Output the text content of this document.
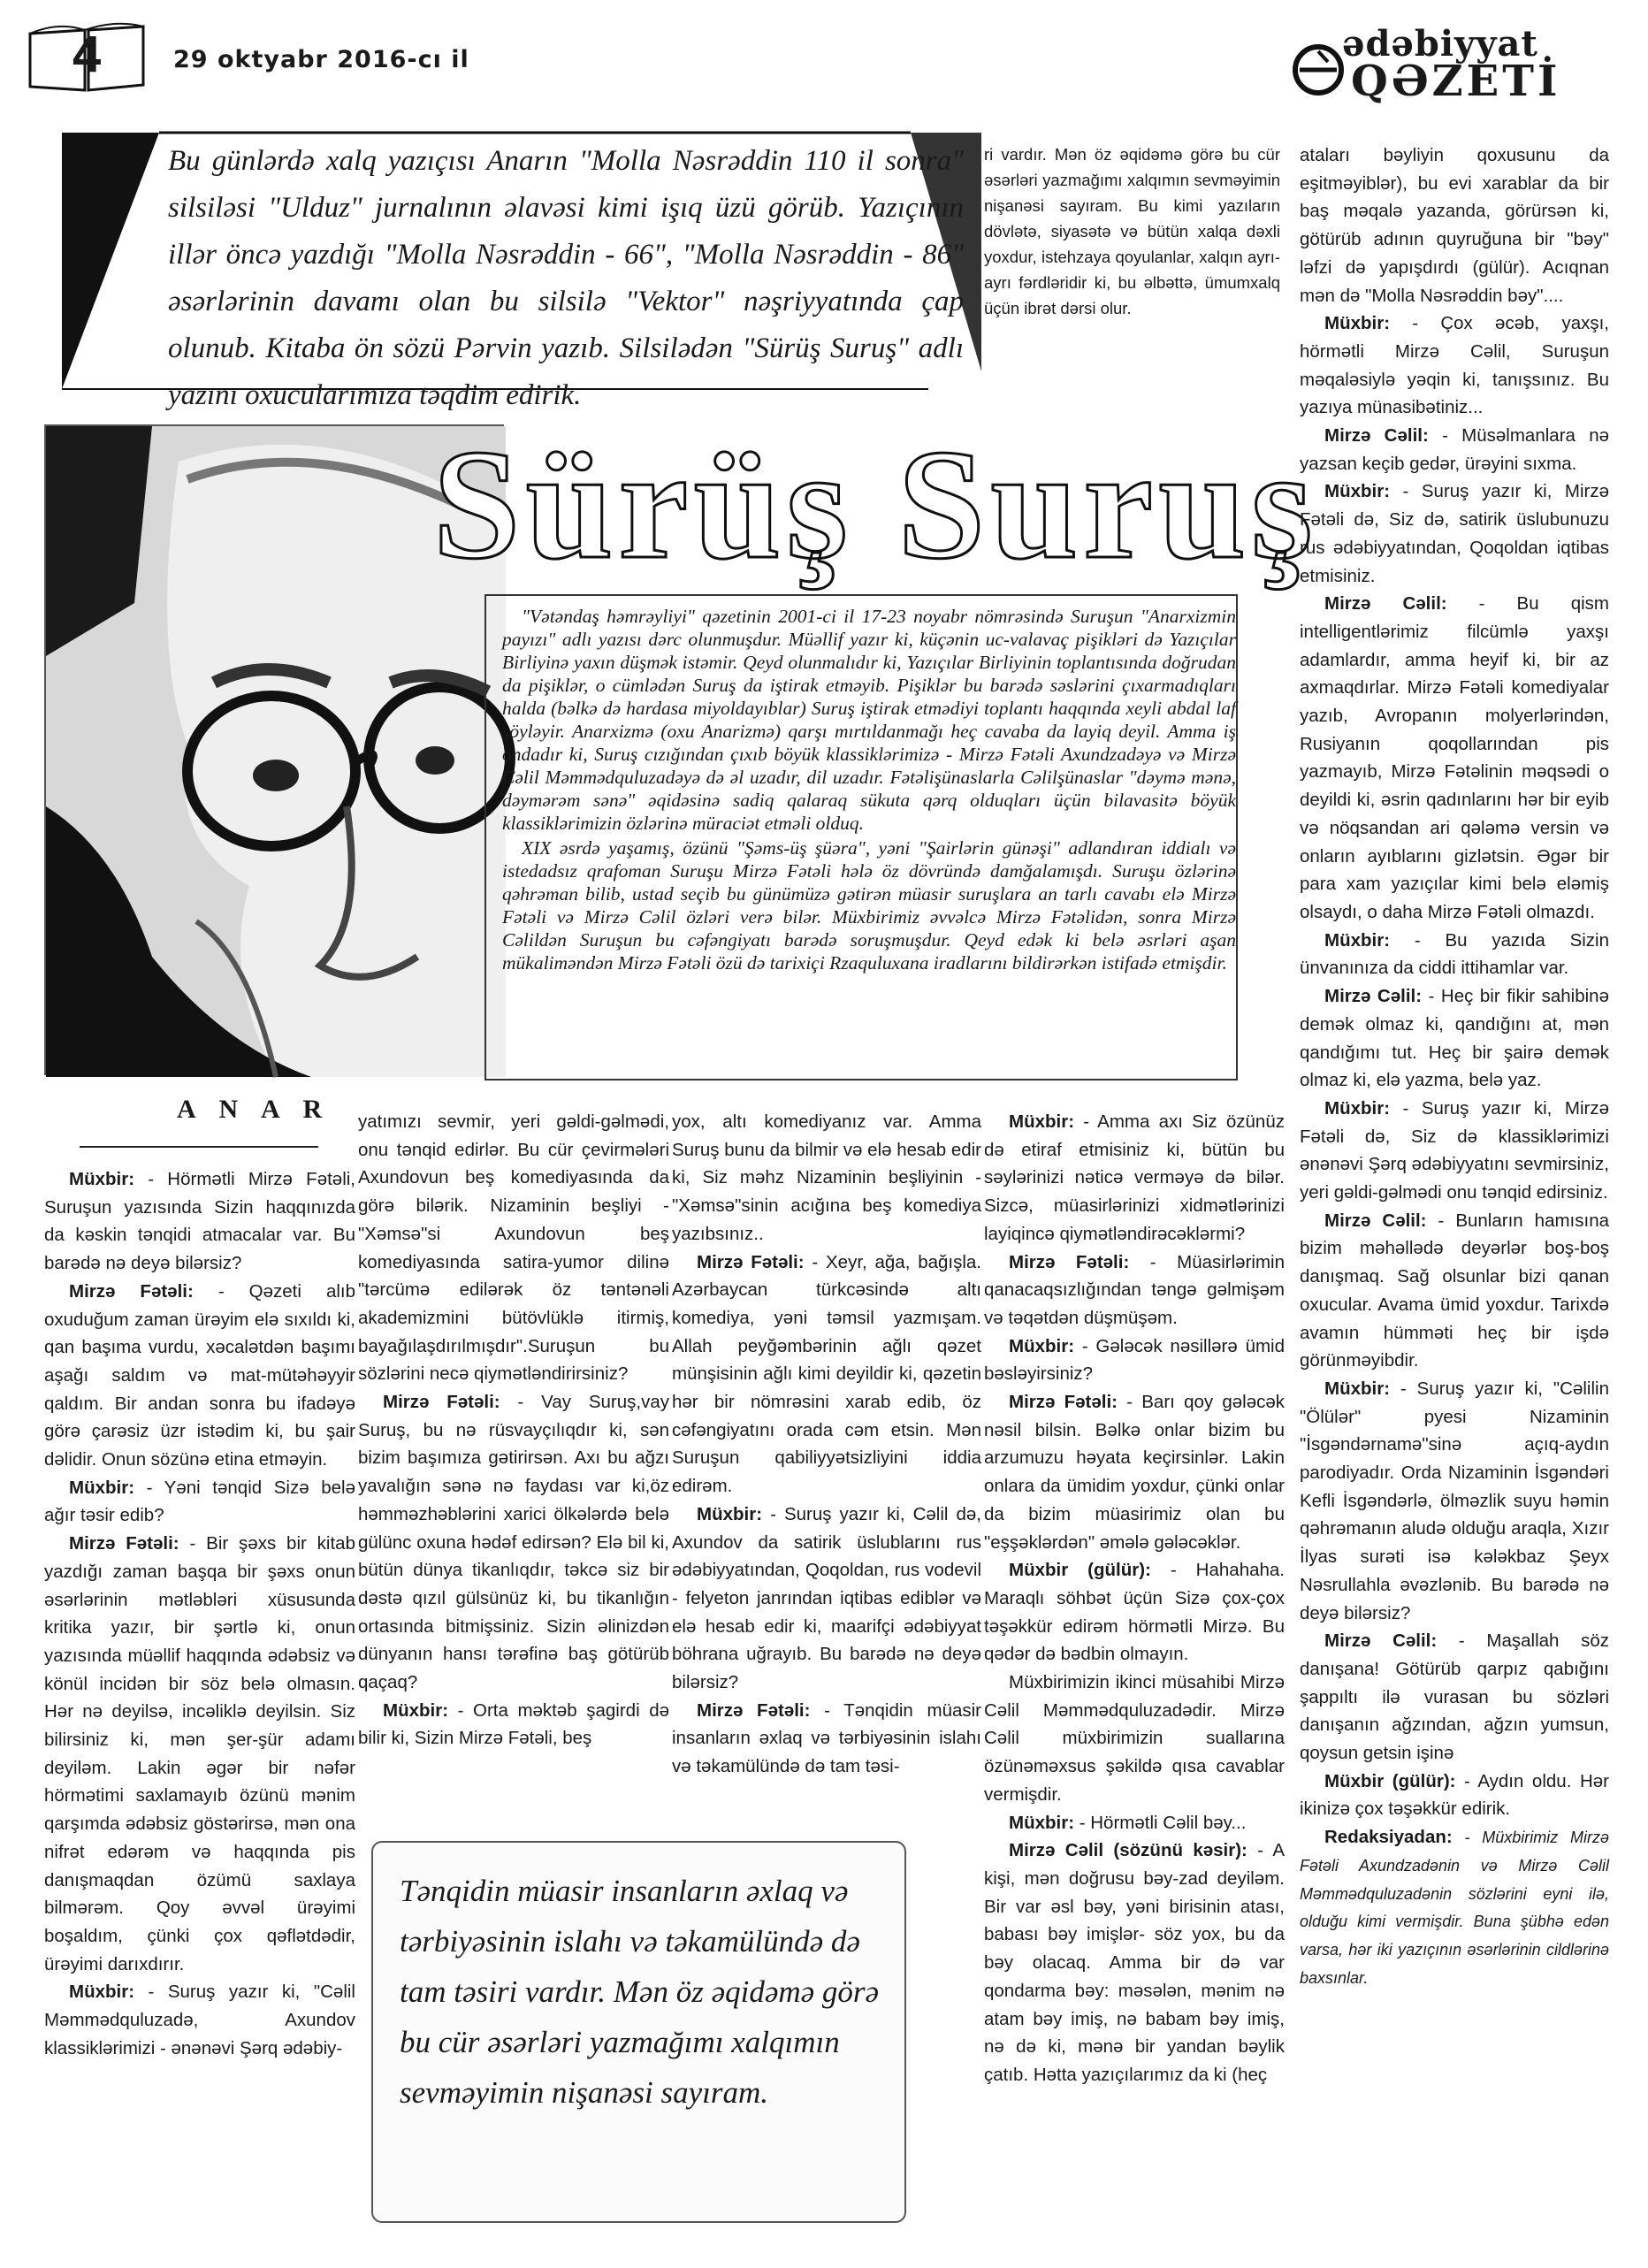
4	29 oktyabr 2016-cı il	ədəbiyyat
QƏZETİ
Bu günlərdə xalq yazıçısı Anarın "Molla Nəsrəddin 110 il sonra" silsiləsi "Ulduz" jurnalının əlavəsi kimi işıq üzü görüb. Yazıçının illər öncə yazdığı "Molla Nəsrəddin - 66", "Molla Nəsrəddin - 86" əsərlərinin davamı olan bu silsilə "Vektor" nəşriyyatında çap olunub. Kitaba ön sözü Pərvin yazıb. Silsilədən "Sürüş Suruş" adlı yazını oxucularımıza təqdim edirik.
A N A R
Sürüş Suruş

"Vətəndaş həmrəyliyi" qəzetinin 2001-ci il 17-23 noyabr nömrəsində Suruşun "Anarxizmin payızı" adlı yazısı dərc olunmuşdur. Müəllif yazır ki, küçənin uc-valavaç pişikləri də Yazıçılar Birliyinə yaxın düşmək istəmir. Qeyd olunmalıdır ki, Yazıçılar Birliyinin toplantısında doğrudan da pişiklər, o cümlədən Suruş da iştirak etməyib. Pişiklər bu barədə səslərini çıxarmadıqları halda (bəlkə də hardasa miyoldayıblar) Suruş iştirak etmədiyi toplantı haqqında xeyli abdal laf söyləyir. Anarxizmə (oxu Anarizmə) qarşı mırtıldanmağı heç cavaba da layiq deyil. Amma iş ondadır ki, Suruş cızığından çıxıb böyük klassiklərimizə - Mirzə Fətəli Axundzadəyə və Mirzə Cəlil Məmmədquluzadəyə də əl uzadır, dil uzadır. Fətəlişünaslarla Cəlilşünaslar "dəymə mənə, dəymərəm sənə" əqidəsinə sadiq qalaraq sükuta qərq olduqları üçün bilavasitə böyük klassiklərimizin özlərinə müraciət etməli olduq.

XIX əsrdə yaşamış, özünü "Şəms-üş şüəra", yəni "Şairlərin günəşi" adlandıran iddialı və istedadsız qrafoman Suruşu Mirzə Fətəli hələ öz dövründə damğalamışdı. Suruşu özlərinə qəhrəman bilib, ustad seçib bu günümüzə gətirən müasir suruşlara an tarlı cavabı elə Mirzə Fətəli və Mirzə Cəlil özləri verə bilər. Müxbirimiz əvvəlcə Mirzə Fətəlidən, sonra Mirzə Cəlildən Suruşun bu cəfəngiyatı barədə soruşmuşdur. Qeyd edək ki belə əsrləri aşan mükaliməndən Mirzə Fətəli özü də tarixiçi Rzaquluxana iradlarını bildirərkən istifadə etmişdir.

ri vardır. Mən öz əqidəmə görə bu cür əsərləri yazmağımı xalqımın sevməyimin nişanəsi sayıram. Bu kimi yazıların dövlətə, siyasətə və bütün xalqa dəxli yoxdur, istehzaya qoyulanlar, xalqın ayrı-ayrı fərdləridir ki, bu əlbəttə, ümumxalq üçün ibrət dərsi olur.

ataları bəyliyin qoxusunu da eşitməyiblər), bu evi xarablar da bir baş məqalə yazanda, görürsən ki, götürüb adının quyruğuna bir "bəy" ləfzi də yapışdırdı (gülür). Acıqnan mən də "Molla Nəsrəddin bəy"....

Müxbir: - Çox əcəb, yaxşı, hörmətli Mirzə Cəlil, Suruşun məqaləsiylə yəqin ki, tanışsınız. Bu yazıya münasibətiniz...

Mirzə Cəlil: - Müsəlmanlara nə yazsan keçib gedər, ürəyini sıxma.

Müxbir: - Suruş yazır ki, Mirzə Fətəli də, Siz də, satirik üslubunuzu rus ədəbiyyatından, Qoqoldan iqtibas etmisiniz.

Mirzə Cəlil: - Bu qism intelligentlərimiz filcümlə yaxşı adamlardır, amma heyif ki, bir az axmaqdırlar. Mirzə Fətəli komediyalar yazıb, Avropanın molyerlərindən, Rusiyanın qoqollarından pis yazmayıb, Mirzə Fətəlinin məqsədi o deyildi ki, əsrin qadınlarını hər bir eyib və nöqsandan ari qələmə versin və onların ayıblarını gizlətsin. Əgər bir para xam yazıçılar kimi belə eləmiş olsaydı, o daha Mirzə Fətəli olmazdı.

Müxbir: - Bu yazıda Sizin ünvanınıza da ciddi ittihamlar var.

Mirzə Cəlil: - Heç bir fikir sahibinə demək olmaz ki, qandığını at, mən qandığımı tut. Heç bir şairə demək olmaz ki, elə yazma, belə yaz.

Müxbir: - Suruş yazır ki, Mirzə Fətəli də, Siz də klassiklərimizi ənənəvi Şərq ədəbiyyatını sevmirsiniz, yeri gəldi-gəlmədi onu tənqid edirsiniz.

Mirzə Cəlil: - Bunların hamısına bizim məhəllədə deyərlər boş-boş danışmaq. Sağ olsunlar bizi qanan oxucular. Avama ümid yoxdur. Tarixdə avamın hümməti heç bir işdə görünməyibdir.

Müxbir: - Suruş yazır ki, "Cəlilin "Ölülər" pyesi Nizaminin "İsgəndərnamə"sinə açıq-aydın parodiyadır. Orda Nizaminin İsgəndəri Kefli İsgəndərlə, ölməzlik suyu həmin qəhrəmanın aludə olduğu araqla, Xızır İlyas surəti isə kələkbaz Şeyx Nəsrullahla əvəzlənib. Bu barədə nə deyə bilərsiz?

Mirzə Cəlil: - Maşallah söz danışana! Götürüb qarpız qabığını şappıltı ilə vurasan bu sözləri danışanın ağzından, ağzın yumsun, qoysun getsin işinə

Müxbir (gülür): - Aydın oldu. Hər ikinizə çox təşəkkür edirik.

Redaksiyadan: - Müxbirimiz Mirzə Fətəli Axundzadənin və Mirzə Cəlil Məmmədquluzadənin sözlərini eyni ilə, olduğu kimi vermişdir. Buna şübhə edən varsa, hər iki yazıçının əsərlərinin cildlərinə baxsınlar.

Müxbir: - Hörmətli Mirzə Fətəli, Suruşun yazısında Sizin haqqınızda da kəskin tənqidi atmacalar var. Bu barədə nə deyə bilərsiz?

Mirzə Fətəli: - Qəzeti alıb oxuduğum zaman ürəyim elə sıxıldı ki, qan başıma vurdu, xəcalətdən başımı aşağı saldım və mat-mütəhəyyir qaldım. Bir andan sonra bu ifadəyə görə çarəsiz üzr istədim ki, bu şair dəlidir. Onun sözünə etina etməyin.

Müxbir: - Yəni tənqid Sizə belə ağır təsir edib?

Mirzə Fətəli: - Bir şəxs bir kitab yazdığı zaman başqa bir şəxs onun əsərlərinin mətləbləri xüsusunda kritika yazır, bir şərtlə ki, onun yazısında müəllif haqqında ədəbsiz və könül incidən bir söz belə olmasın. Hər nə deyilsə, incəliklə deyilsin. Siz bilirsiniz ki, mən şer-şür adamı deyiləm. Lakin əgər bir nəfər hörmətimi saxlamayıb özünü mənim qarşımda ədəbsiz göstərirsə, mən ona nifrət edərəm və haqqında pis danışmaqdan özümü saxlaya bilmərəm. Qoy əvvəl ürəyimi boşaldım, çünki çox qəflətdədir, ürəyimi darıxdırır.

Müxbir: - Suruş yazır ki, "Cəlil Məmmədquluzadə, Axundov klassiklərimizi - ənənəvi Şərq ədəbiy-

yatımızı sevmir, yeri gəldi-gəlmədi, onu tənqid edirlər. Bu cür çevirmələri Axundovun beş komediyasında da görə bilərik. Nizaminin beşliyi - "Xəmsə"si Axundovun beş komediyasında satira-yumor dilinə "tərcümə edilərək öz təntənəli akademizmini bütövlüklə itirmiş, bayağılaşdırılmışdır".Suruşun bu sözlərini necə qiymətləndirirsiniz?

Mirzə Fətəli: - Vay Suruş,vay Suruş, bu nə rüsvayçılıqdır ki, sən bizim başımıza gətirirsən. Axı bu ağzı yavalığın sənə nə faydası var ki,öz həmməzhəblərini xarici ölkələrdə belə gülünc oxuna hədəf edirsən? Elə bil ki, bütün dünya tikanlıqdır, təkcə siz bir dəstə qızıl gülsünüz ki, bu tikanlığın ortasında bitmişsiniz. Sizin əlinizdən dünyanın hansı tərəfinə baş götürüb qaçaq?

Müxbir: - Orta məktəb şagirdi də bilir ki, Sizin Mirzə Fətəli, beş

yox, altı komediyanız var. Amma Suruş bunu da bilmir və elə hesab edir ki, Siz məhz Nizaminin beşliyinin - "Xəmsə"sinin acığına beş komediya yazıbsınız..

Mirzə Fətəli: - Xeyr, ağa, bağışla. Azərbaycan türkcəsində altı komediya, yəni təmsil yazmışam. Allah peyğəmbərinin ağlı qəzet münşisinin ağlı kimi deyildir ki, qəzetin hər bir nömrəsini xarab edib, öz cəfəngiyatını orada cəm etsin. Mən Suruşun qabiliyyətsizliyini iddia edirəm.

Müxbir: - Suruş yazır ki, Cəlil də, Axundov da satirik üslublarını rus ədəbiyyatından, Qoqoldan, rus vodevil - felyeton janrından iqtibas ediblər və elə hesab edir ki, maarifçi ədəbiyyat böhrana uğrayıb. Bu barədə nə deyə bilərsiz?

Mirzə Fətəli: - Tənqidin müasir insanların əxlaq və tərbiyəsinin islahı və təkamülündə də tam təsi-

Müxbir: - Amma axı Siz özünüz də etiraf etmisiniz ki, bütün bu səylərinizi nəticə verməyə də bilər. Sizcə, müasirlərinizi xidmətlərinizi layiqincə qiymətləndirəcəklərmi?

Mirzə Fətəli: - Müasirlərimin qanacaqsızlığından təngə gəlmişəm və təqətdən düşmüşəm.

Müxbir: - Gələcək nəsillərə ümid bəsləyirsiniz?

Mirzə Fətəli: - Barı qoy gələcək nəsil bilsin. Bəlkə onlar bizim bu arzumuzu həyata keçirsinlər. Lakin onlara da ümidim yoxdur, çünki onlar da bizim müasirimiz olan bu "eşşəklərdən" əmələ gələcəklər.

Müxbir (gülür): - Hahahaha. Maraqlı söhbət üçün Sizə çox-çox təşəkkür edirəm hörmətli Mirzə. Bu qədər də bədbin olmayın.

Müxbirimizin ikinci müsahibi Mirzə Cəlil Məmmədquluzadədir. Mirzə Cəlil müxbirimizin suallarına özünəməxsus şəkildə qısa cavablar vermişdir.

Müxbir: - Hörmətli Cəlil bəy...

Mirzə Cəlil (sözünü kəsir): - A kişi, mən doğrusu bəy-zad deyiləm. Bir var əsl bəy, yəni birisinin atası, babası bəy imişlər- söz yox, bu da bəy olacaq. Amma bir də var qondarma bəy: məsələn, mənim nə atam bəy imiş, nə babam bəy imiş, nə də ki, mənə bir yandan bəylik çatıb. Hətta yazıçılarımız da ki (heç

Tənqidin müasir insanların əxlaq və tərbiyəsinin islahı və təkamülündə də tam təsiri vardır. Mən öz əqidəmə görə bu cür əsərləri yazmağımı xalqımın sevməyimin nişanəsi sayıram.
